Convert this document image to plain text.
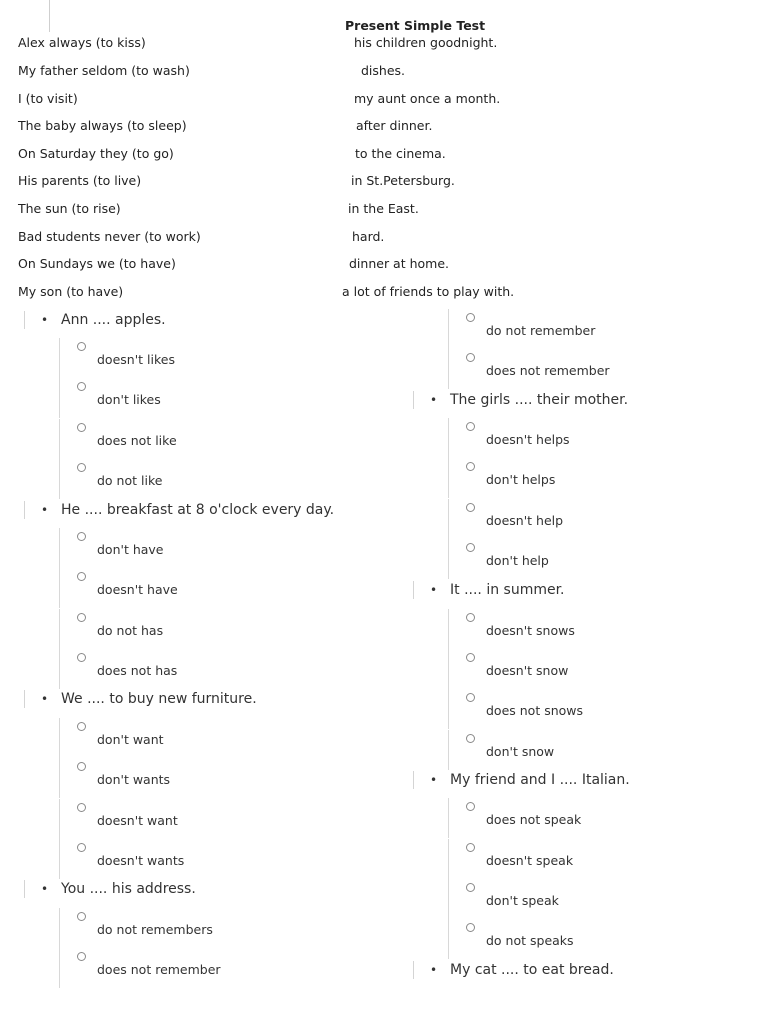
Present Simple Test
Alex always (to kiss)	his children goodnight.
My father seldom (to wash)	dishes.
I (to visit)	my aunt once a month.
The baby always (to sleep)	after dinner.
On Saturday they (to go)	to the cinema.
His parents (to live)	in St.Petersburg.
The sun (to rise)	in the East.
Bad students never (to work)	hard.
On Sundays we (to have)	dinner at home.
My son (to have)	a lot of friends to play with.
• Ann .... apples.
doesn't likes
don't likes
does not like
do not like
• He .... breakfast at 8 o'clock every day.
don't have
doesn't have
do not has
does not has
• We .... to buy new furniture.
don't want
don't wants
doesn't want
doesn't wants
• You .... his address.
do not remembers
does not remember
• The girls .... their mother.
doesn't helps
don't helps
doesn't help
don't help
• It .... in summer.
doesn't snows
doesn't snow
does not snows
don't snow
• My friend and I .... Italian.
does not speak
doesn't speak
don't speak
do not speaks
• My cat .... to eat bread.
do not remember
does not remember
